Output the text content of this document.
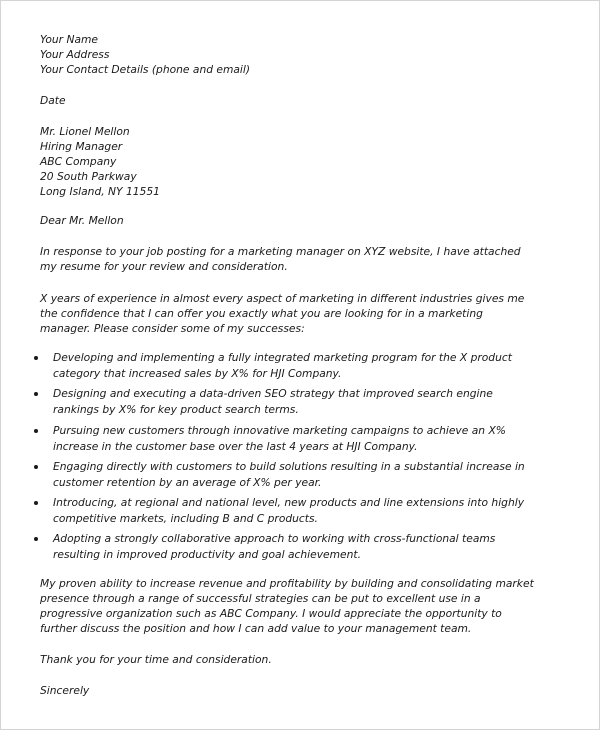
Your Name
Your Address
Your Contact Details (phone and email)
Date
Mr. Lionel Mellon
Hiring Manager
ABC Company
20 South Parkway
Long Island, NY 11551
Dear Mr. Mellon
In response to your job posting for a marketing manager on XYZ website, I have attached
my resume for your review and consideration.
X years of experience in almost every aspect of marketing in different industries gives me
the confidence that I can offer you exactly what you are looking for in a marketing
manager. Please consider some of my successes:
Developing and implementing a fully integrated marketing program for the X product
category that increased sales by X% for HJI Company.
Designing and executing a data-driven SEO strategy that improved search engine
rankings by X% for key product search terms.
Pursuing new customers through innovative marketing campaigns to achieve an X%
increase in the customer base over the last 4 years at HJI Company.
Engaging directly with customers to build solutions resulting in a substantial increase in
customer retention by an average of X% per year.
Introducing, at regional and national level, new products and line extensions into highly
competitive markets, including B and C products.
Adopting a strongly collaborative approach to working with cross-functional teams
resulting in improved productivity and goal achievement.
My proven ability to increase revenue and profitability by building and consolidating market
presence through a range of successful strategies can be put to excellent use in a
progressive organization such as ABC Company. I would appreciate the opportunity to
further discuss the position and how I can add value to your management team.
Thank you for your time and consideration.
Sincerely
